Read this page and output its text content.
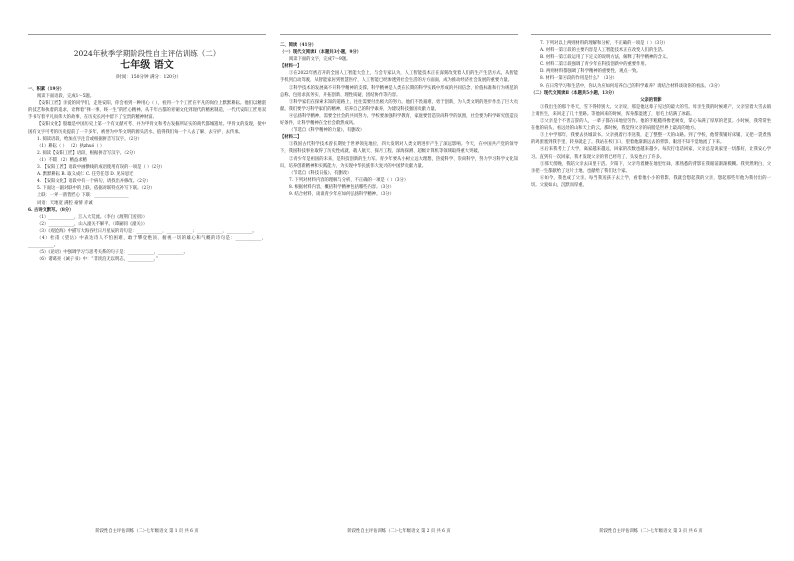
2024年秋季学期阶段性自主评估训练（二）
七年级 语文
（时间：150分钟 满分：120分）

一、积累（19分）

阅读下面语段，完成1～5题。

【安阳工匠】亲爱的同学们，走进安阳，你会看到一种用心（ ），看到一个个工匠在平凡的岗位上默默耕耘。他们以精湛的技艺和执着的追求，诠释着“择一事，终一生”的匠心精神。从千年古都的青铜文化到现代的精密制造，一代代安阳工匠用双手书写着平凡而伟大的故事，在历史长河中留下了宝贵的精神财富。

【安阳文化】殷墟是中国历史上第一个有文献可考、并为甲骨文和考古发掘所证实的商代都城遗址。甲骨文的发现，使中国有文字可考的历史提前了一千多年，被誉为中华文明的源头活水，值得我们每一个人去了解、去守护、去传承。

1. 阅读语段，给加点字注音或根据拼音写汉字。（2分）

（1）耕耘（ ） （2）执zhuó（ ）

2. 阅读【安阳工匠】语段，根据拼音写汉字。（2分）

（1）不辍 （2）精益求精

3. 【安阳工匠】语段中画横线的成语使用有误的一项是（ ）（2分）

A. 默默耕耘 B. 取义成仁 C. 任劳任怨 D. 见异思迁

4. 【安阳文化】语段中有一个病句，请找出并修改。（2分）

5. 下面这一副对联中的上联，依据对联特点补写下联。（2分）

上联：一斧一凿皆匠心 下联：________________

词语：天地宽 满腔 豪情 赤诚

6. 古诗文默写。（8分）

（1）____________，江入大荒流。（李白《渡荆门送别》）

（2）____________，山入潼关不解平。（谭嗣同《潼关》）

（3）《观沧海》中描写大海吞吐日月星辰的诗句是：____________，____________；____________，____________。

（4）杜甫《望岳》中表达诗人不怕困难、敢于攀登绝顶、俯视一切的雄心和气概的诗句是：____________，____________。

（5）《论语》中强调学习与思考关系的句子是：____________，____________。

（6）诸葛亮《诫子书》中：“非淡泊无以明志，____________。”

二、阅读（41分）

（一）现代文阅读Ⅰ（本题共3小题，9分）

阅读下面的文字，完成7～9题。

【材料一】

①在2022年底召开的全国人工智能大会上，与会专家认为，人工智能技术正在深刻改变着人们的生产生活方式。从智能手机到自动驾驶，从智能家居到智慧医疗，人工智能已经渗透到社会生活的方方面面，成为推动经济社会发展的重要力量。

②科学技术的发展离不开科学精神的支撑。科学精神是人类在长期的科学实践中形成的共同信念、价值标准和行为规范的总称，包括求真务实、开拓创新、理性质疑、团结协作等内容。

③科学家们在探索未知的道路上，往往需要付出极大的努力。他们不畏艰难，勇于创新，为人类文明的进步作出了巨大贡献。我们要学习科学家们的精神，培养自己的科学素养，为建设科技强国贡献力量。

④弘扬科学精神，需要全社会的共同努力。学校要加强科学教育，家庭要营造崇尚科学的氛围，社会要为科学研究创造良好条件，让科学精神在全社会蔚然成风。

（节选自《科学精神的力量》，有删改）

【材料二】

①我国古代科学技术曾长期处于世界领先地位，四大发明对人类文明进步产生了深远影响。今天，在中国共产党的领导下，我国科技事业取得了历史性成就，载人航天、探月工程、深海探测、超级计算机等领域取得重大突破。

②青少年是祖国的未来，是科技创新的生力军。青少年要从小树立远大理想，热爱科学、崇尚科学，努力学习科学文化知识，培养创新精神和实践能力，为实现中华民族伟大复兴的中国梦贡献力量。

（节选自《科技日报》，有删改）

7. 下列对材料内容的理解与分析，不正确的一项是（ ）（3分）

8. 根据材料内容，概括科学精神包括哪些内容。（3分）

9. 结合材料，谈谈青少年应如何弘扬科学精神。（3分）

7. 下列对以上两则材料的理解和分析，不正确的一项是（ ）（3分）

A. 材料一第①段的主要内容是人工智能技术正在改变人们的生活。

B. 材料一第②段运用了下定义的说明方法，解释了科学精神的含义。

C. 材料二第②段强调了青少年在科技创新中的重要作用。

D. 两则材料都强调了科学精神的重要性，观点一致。

8. 材料一第④段的作用是什么？（3分）

9. 在日常学习和生活中，你认为应如何培养自己的科学素养？请结合材料谈谈你的看法。（3分）

（二）现代文阅读Ⅱ（本题共5小题，13分）

父亲的背影

①我出生的那个冬天，雪下得特别大。父亲说，那是他这辈子见过的最大的雪。母亲生我的时候难产，父亲冒着大雪去镇上请医生，来回走了几十里路。等他回来的时候，浑身都湿透了，眉毛上结满了冰霜。

②父亲是个不善言辞的人，一辈子都在田地里劳作。他的手粗糙得像老树皮，掌心布满了厚厚的老茧。小时候，我常常坐在他的肩头，看远处的山和天上的云。那时候，我觉得父亲的肩膀是世界上最高的地方。

③上中学那年，我要去县城读书。父亲挑着行李送我，走了整整一天的山路。到了学校，他帮我铺好床铺，又把一袋煮熟的鸡蛋塞到我手里，转身就走了。我站在校门口，望着他渐渐远去的背影，眼泪不知不觉地流了下来。

④后来我考上了大学，离家越来越远，回家的次数也越来越少。每次打电话回家，父亲总是说家里一切都好，让我安心学习。直到有一次回家，我才发现父亲的背已经弯了，头发也白了许多。

⑤那天傍晚，我陪父亲去田里干活。夕阳下，父亲弯着腰在地里忙碌，那熟悉的背影在我眼前渐渐模糊。我突然明白，父亲把一生都献给了这片土地，也献给了我们这个家。

⑥如今，我也成了父亲。每当我送孩子去上学，看着他小小的背影，我就会想起我的父亲，想起那些年他为我付出的一切。父爱如山，沉默而厚重。

阶段性自主评估训练（二）·七年级语文 第 1 页 共 6 页	阶段性自主评估训练（二）·七年级语文 第 2 页 共 6 页	阶段性自主评估训练（二）·七年级语文 第 3 页 共 6 页
